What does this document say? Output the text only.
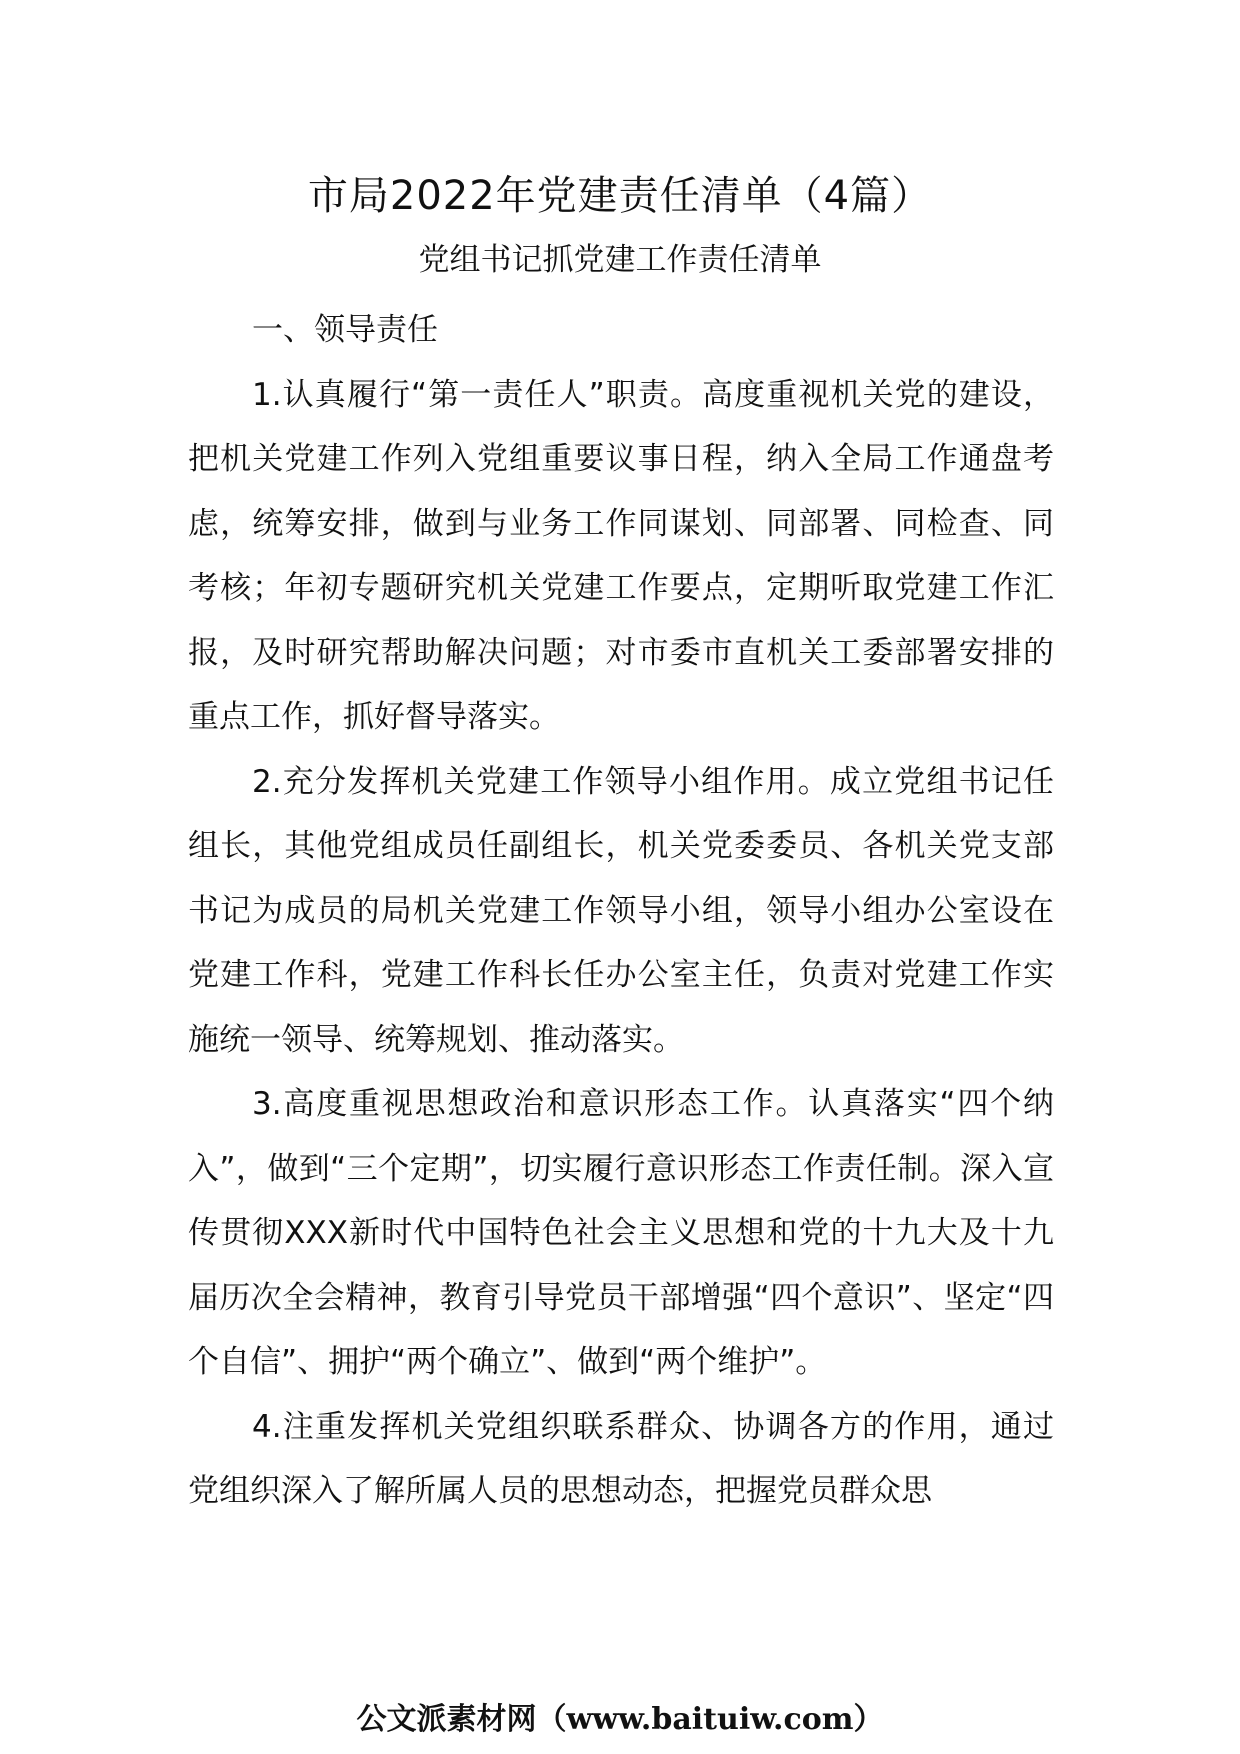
市局2022年党建责任清单（4篇）
党组书记抓党建工作责任清单

一、领导责任

1.认真履行“第一责任人”职责。高度重视机关党的建设，把机关党建工作列入党组重要议事日程，纳入全局工作通盘考虑，统筹安排，做到与业务工作同谋划、同部署、同检查、同考核；年初专题研究机关党建工作要点，定期听取党建工作汇报，及时研究帮助解决问题；对市委市直机关工委部署安排的重点工作，抓好督导落实。

2.充分发挥机关党建工作领导小组作用。成立党组书记任组长，其他党组成员任副组长，机关党委委员、各机关党支部书记为成员的局机关党建工作领导小组，领导小组办公室设在党建工作科，党建工作科长任办公室主任，负责对党建工作实施统一领导、统筹规划、推动落实。

3.高度重视思想政治和意识形态工作。认真落实“四个纳入”，做到“三个定期”，切实履行意识形态工作责任制。深入宣传贯彻XXX新时代中国特色社会主义思想和党的十九大及十九届历次全会精神，教育引导党员干部增强“四个意识”、坚定“四个自信”、拥护“两个确立”、做到“两个维护”。

4.注重发挥机关党组织联系群众、协调各方的作用，通过党组织深入了解所属人员的思想动态，把握党员群众思

公文派素材网（www.baituiw.com）
